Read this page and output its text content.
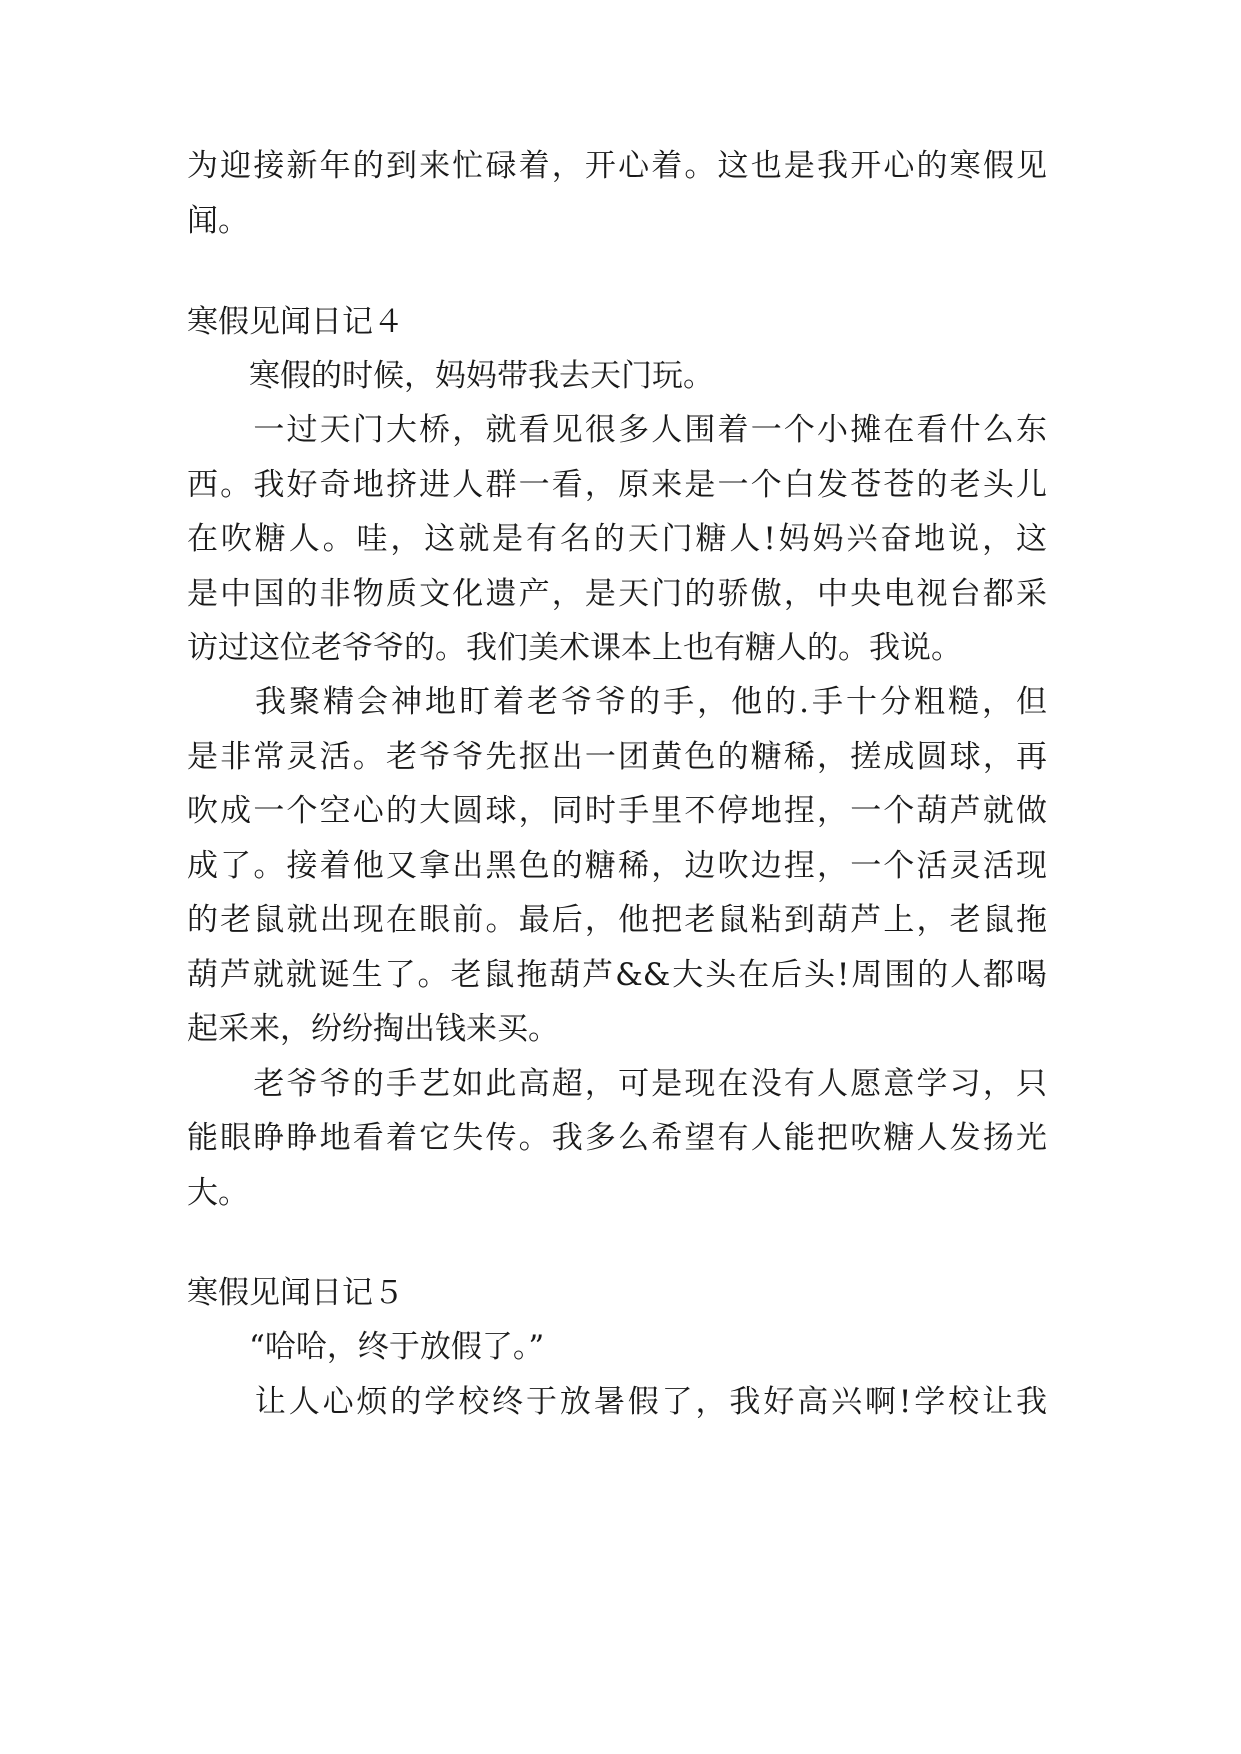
为迎接新年的到来忙碌着，开心着。这也是我开心的寒假见
闻。
寒假见闻日记４
　　寒假的时候，妈妈带我去天门玩。
　　一过天门大桥，就看见很多人围着一个小摊在看什么东
西。我好奇地挤进人群一看，原来是一个白发苍苍的老头儿
在吹糖人。哇，这就是有名的天门糖人!妈妈兴奋地说，这
是中国的非物质文化遗产，是天门的骄傲，中央电视台都采
访过这位老爷爷的。我们美术课本上也有糖人的。我说。
　　我聚精会神地盯着老爷爷的手，他的.手十分粗糙，但
是非常灵活。老爷爷先抠出一团黄色的糖稀，搓成圆球，再
吹成一个空心的大圆球，同时手里不停地捏，一个葫芦就做
成了。接着他又拿出黑色的糖稀，边吹边捏，一个活灵活现
的老鼠就出现在眼前。最后，他把老鼠粘到葫芦上，老鼠拖
葫芦就就诞生了。老鼠拖葫芦&&大头在后头!周围的人都喝
起采来，纷纷掏出钱来买。
　　老爷爷的手艺如此高超，可是现在没有人愿意学习，只
能眼睁睁地看着它失传。我多么希望有人能把吹糖人发扬光
大。
寒假见闻日记５
　　“哈哈，终于放假了。”
　　让人心烦的学校终于放暑假了，我好高兴啊!学校让我
